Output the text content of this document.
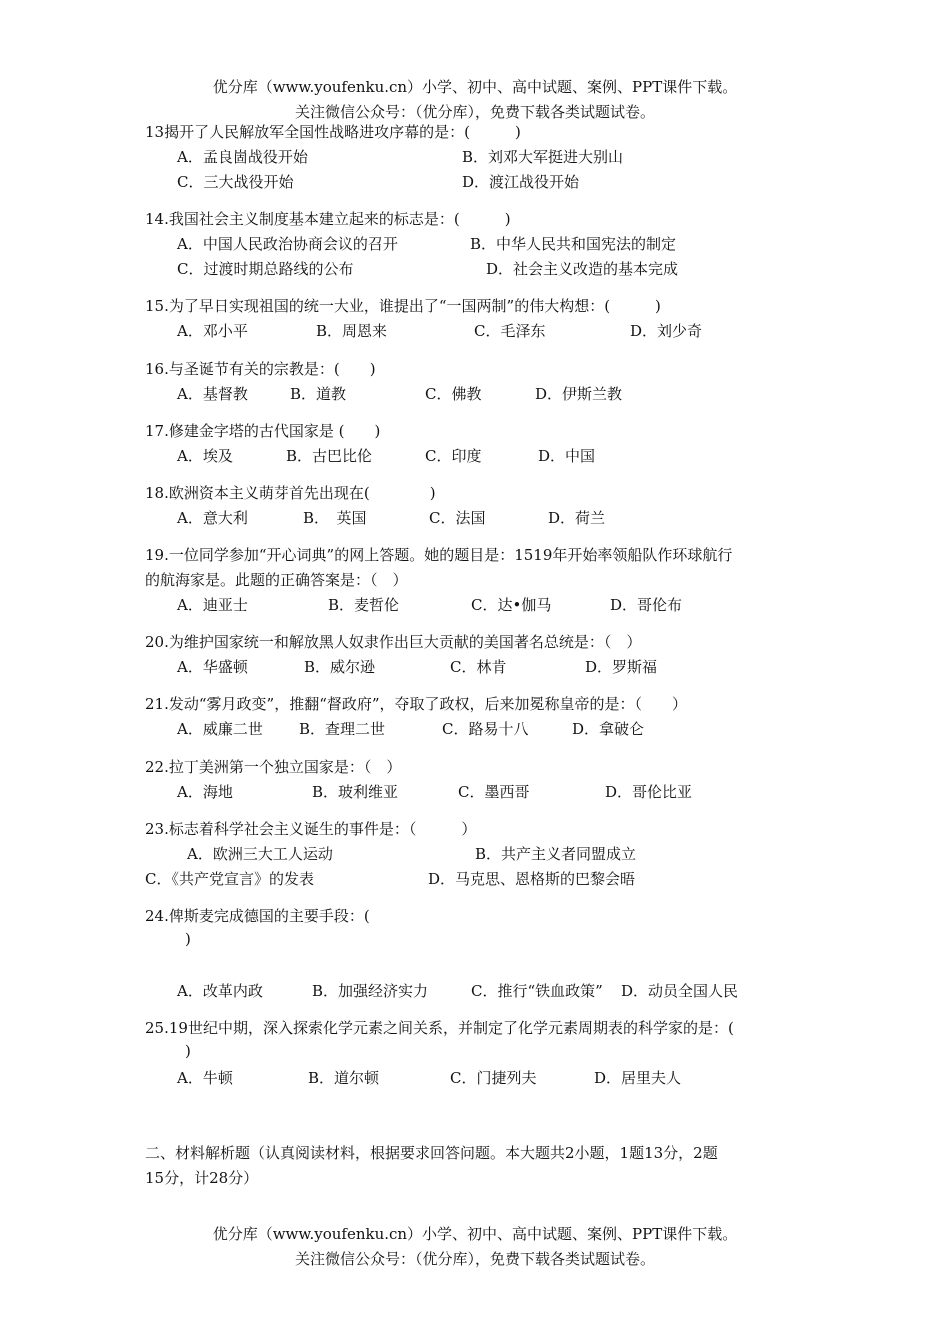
优分库（www.youfenku.cn）小学、初中、高中试题、案例、PPT课件下载。
关注微信公众号：（优分库），免费下载各类试题试卷。
13揭开了人民解放军全国性战略进攻序幕的是：(　　　)
A．孟良崮战役开始	B．刘邓大军挺进大别山
C．三大战役开始	D．渡江战役开始
14.我国社会主义制度基本建立起来的标志是：(　　　)
A．中国人民政治协商会议的召开	B．中华人民共和国宪法的制定
C．过渡时期总路线的公布	D．社会主义改造的基本完成
15.为了早日实现祖国的统一大业，谁提出了“一国两制”的伟大构想：(　　　)
A．邓小平	B．周恩来	C．毛泽东	D．刘少奇
16.与圣诞节有关的宗教是：(　　)
A．基督教	B．道教	C．佛教	D．伊斯兰教
17.修建金字塔的古代国家是 (　　)
A．埃及	B．古巴比伦	C．印度	D．中国
18.欧洲资本主义萌芽首先出现在(　　　　)
A．意大利	B．　英国	C．法国	D．荷兰
19.一位同学参加“开心词典”的网上答题。她的题目是：1519年开始率领船队作环球航行
的航海家是。此题的正确答案是：（　）
A．迪亚士	B．麦哲伦	C．达•伽马	D．哥伦布
20.为维护国家统一和解放黑人奴隶作出巨大贡献的美国著名总统是：（　）
A．华盛顿	B．威尔逊	C．林肯	D．罗斯福
21.发动“雾月政变”，推翻“督政府”，夺取了政权，后来加冕称皇帝的是：（　　）
A．威廉二世 B．查理二世	C．路易十八	D．拿破仑
22.拉丁美洲第一个独立国家是：（　）
A．海地	B．玻利维亚	C．墨西哥	D．哥伦比亚
23.标志着科学社会主义诞生的事件是：（　　　）
A．欧洲三大工人运动	B．共产主义者同盟成立
C．《共产党宣言》的发表	D．马克思、恩格斯的巴黎会晤
24.俾斯麦完成德国的主要手段：(
)
A．改革内政	B．加强经济实力	C．推行“铁血政策” D．动员全国人民
25.19世纪中期，深入探索化学元素之间关系，并制定了化学元素周期表的科学家的是：(
)
A．牛顿	B．道尔顿	C．门捷列夫	D．居里夫人
二、材料解析题（认真阅读材料，根据要求回答问题。本大题共2小题，1题13分，2题
15分，计28分）
优分库（www.youfenku.cn）小学、初中、高中试题、案例、PPT课件下载。
关注微信公众号：（优分库），免费下载各类试题试卷。
